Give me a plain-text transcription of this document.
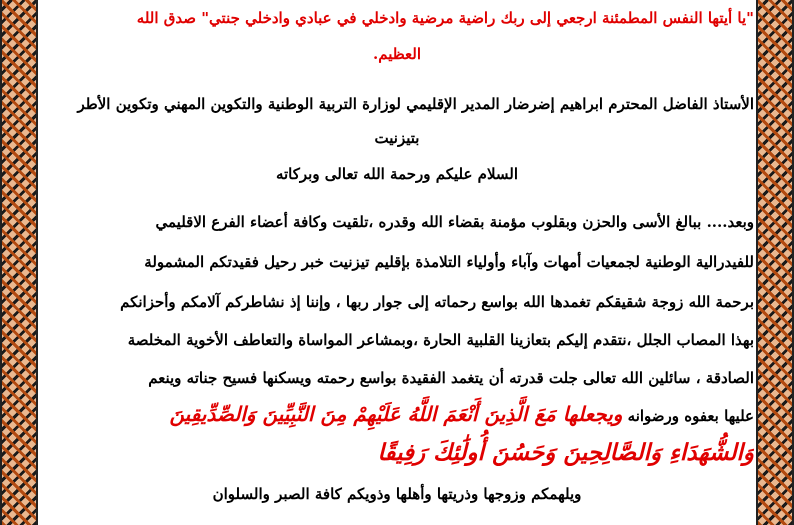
"يا أيتها النفس المطمئنة ارجعي إلى ربك راضية مرضية وادخلي في عبادي وادخلي جنتي" صدق الله
العظيم.
الأستاذ الفاضل المحترم ابراهيم إضرضار المدير الإقليمي لوزارة التربية الوطنية والتكوين المهني وتكوين الأطر
بتيزنيت
السلام عليكم ورحمة الله تعالى وبركاته
وبعد.... ببالغ الأسى والحزن وبقلوب مؤمنة بقضاء الله وقدره ،تلقيت وكافة أعضاء الفرع الاقليمي
للفيدرالية الوطنية لجمعيات أمهات وآباء وأولياء التلامذة بإقليم تيزنيت خبر رحيل فقيدتكم المشمولة
برحمة الله زوجة شقيقكم تغمدها الله بواسع رحماته إلى جوار ربها ، وإننا إذ نشاطركم آلامكم وأحزانكم
بهذا المصاب الجلل ،نتقدم إليكم بتعازينا القلبية الحارة ،وبمشاعر المواساة والتعاطف الأخوية المخلصة
الصادقة ، سائلين الله تعالى جلت قدرته أن يتغمد الفقيدة بواسع رحمته ويسكنها فسيح جناته وينعم
عليها بعفوه ورضوانه ويجعلها مَعَ الَّذِينَ أَنْعَمَ اللَّهُ عَلَيْهِمْ مِنَ النَّبِيِّينَ وَالصِّدِّيقِينَ
وَالشُّهَدَاءِ وَالصَّالِحِينَ وَحَسُنَ أُولَٰئِكَ رَفِيقًا
ويلهمكم وزوجها وذريتها وأهلها وذويكم كافة الصبر والسلوان
